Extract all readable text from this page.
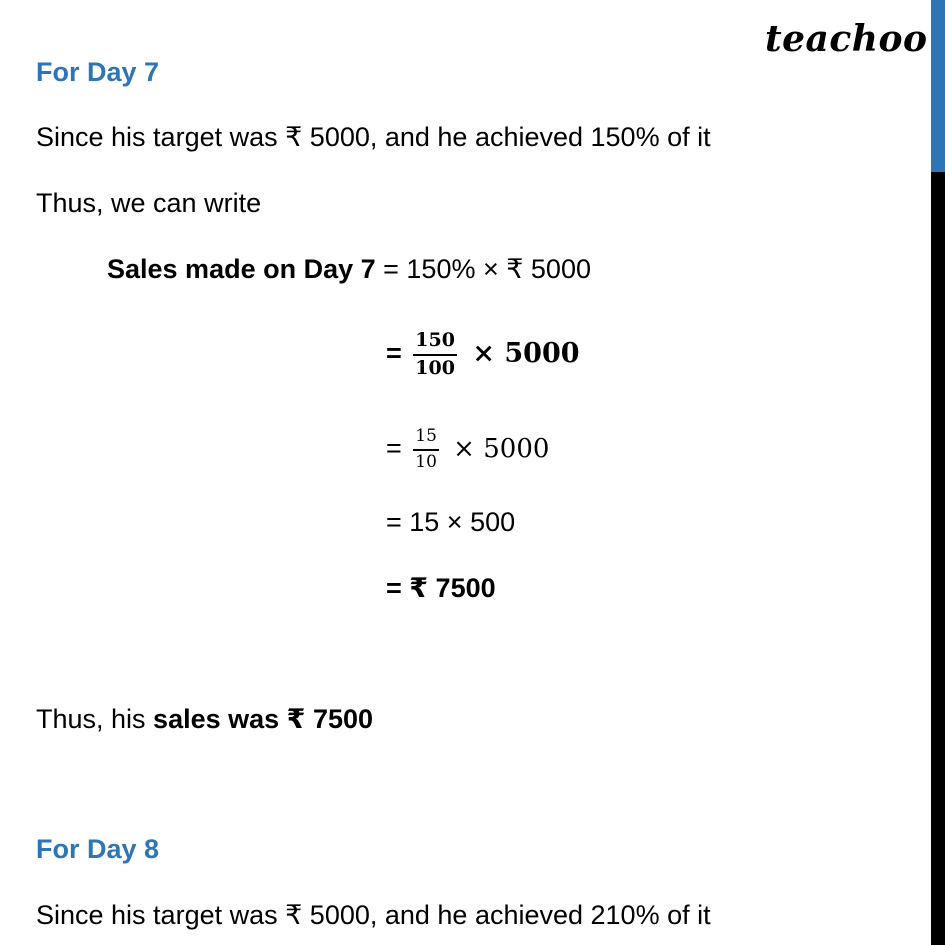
teachoo
For Day 7
Since his target was ₹ 5000, and he achieved 150% of it
Thus, we can write
Sales made on Day 7 = 150% × ₹ 5000
= $\frac{150}{100} \times 5000$
= $\frac{15}{10} \times 5000$
= 15 × 500
= ₹ 7500
Thus, his sales was ₹ 7500
For Day 8
Since his target was ₹ 5000, and he achieved 210% of it
